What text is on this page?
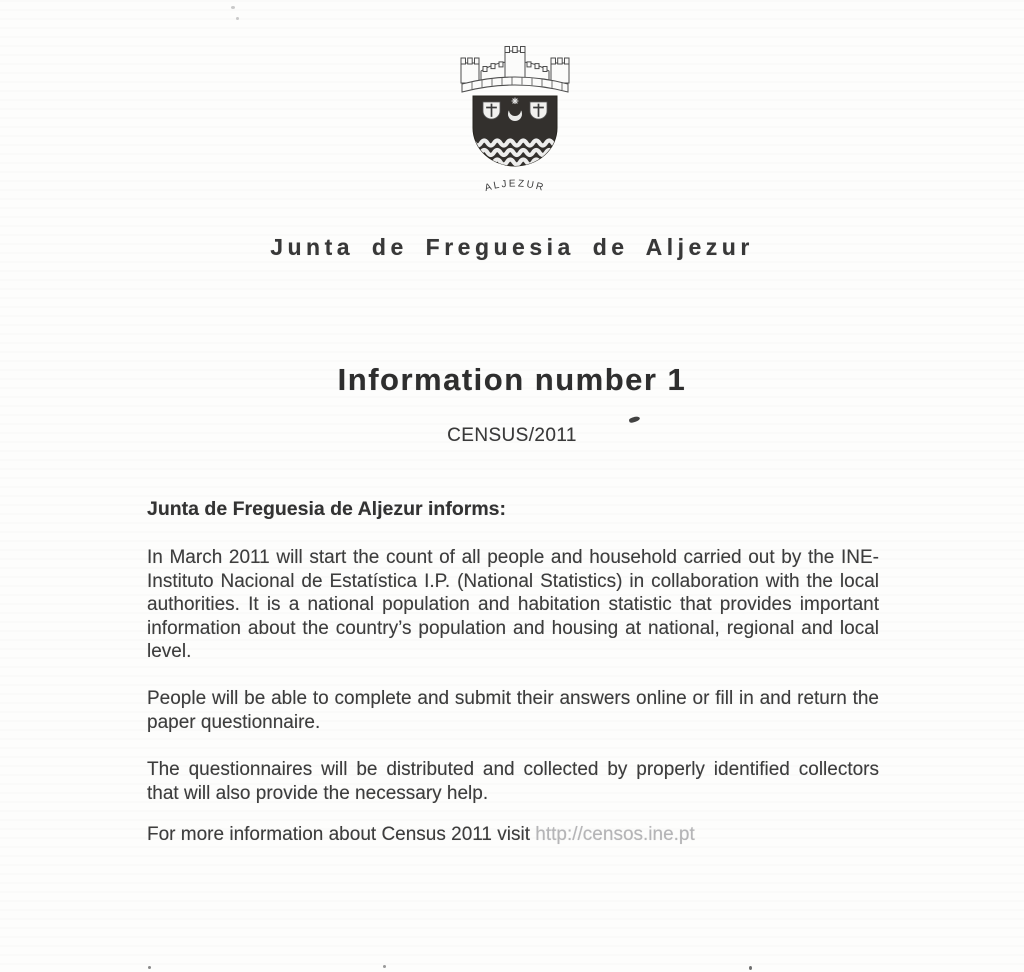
ALJEZUR
Junta de Freguesia de Aljezur
Information number 1
CENSUS/2011
Junta de Freguesia de Aljezur informs:

In March 2011 will start the count of all people and household carried out by the INE- Instituto Nacional de Estatística I.P. (National Statistics) in collaboration with the local authorities. It is a national population and habitation statistic that provides important information about the country’s population and housing at national, regional and local level.

People will be able to complete and submit their answers online or fill in and return the paper questionnaire.

The questionnaires will be distributed and collected by properly identified collectors that will also provide the necessary help.

For more information about Census 2011 visit http://censos.ine.pt
